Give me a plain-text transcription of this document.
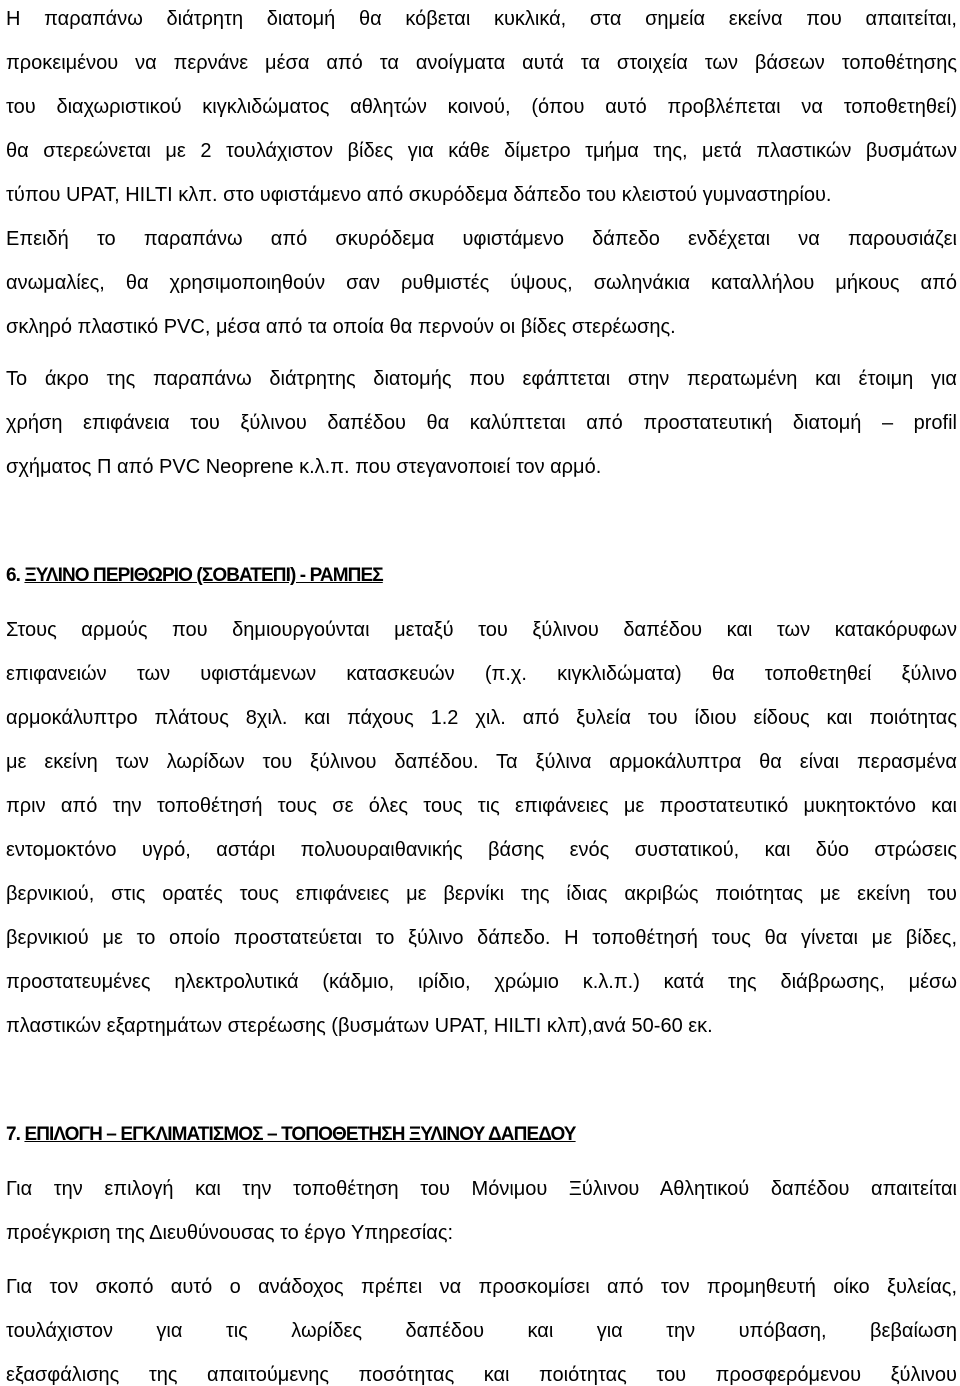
Η παραπάνω διάτρητη διατομή θα κόβεται κυκλικά, στα σημεία εκείνα που απαιτείται,
προκειμένου να περνάνε μέσα από τα ανοίγματα αυτά τα στοιχεία των βάσεων τοποθέτησης
του διαχωριστικού κιγκλιδώματος αθλητών κοινού, (όπου αυτό προβλέπεται να τοποθετηθεί)
θα στερεώνεται με 2 τουλάχιστον βίδες για κάθε δίμετρο τμήμα της, μετά πλαστικών βυσμάτων
τύπου UPAT, HILTI κλπ. στο υφιστάμενο από σκυρόδεμα δάπεδο του κλειστού γυμναστηρίου.
Επειδή το παραπάνω από σκυρόδεμα υφιστάμενο δάπεδο ενδέχεται να παρουσιάζει
ανωμαλίες, θα χρησιμοποιηθούν σαν ρυθμιστές ύψους, σωληνάκια καταλλήλου μήκους από
σκληρό πλαστικό PVC, μέσα από τα οποία θα περνούν οι βίδες στερέωσης.
Το άκρο της παραπάνω διάτρητης διατομής που εφάπτεται στην περατωμένη και έτοιμη για
χρήση επιφάνεια του ξύλινου δαπέδου θα καλύπτεται από προστατευτική διατομή – profil
σχήματος Π από PVC Neoprene κ.λ.π. που στεγανοποιεί τον αρμό.
6. ΞΥΛΙΝΟ ΠΕΡΙΘΩΡΙΟ (ΣΟΒΑΤΕΠΙ) - ΡΑΜΠΕΣ
Στους αρμούς που δημιουργούνται μεταξύ του ξύλινου δαπέδου και των κατακόρυφων
επιφανειών των υφιστάμενων κατασκευών (π.χ. κιγκλιδώματα) θα τοποθετηθεί ξύλινο
αρμοκάλυπτρο πλάτους 8χιλ. και πάχους 1.2 χιλ. από ξυλεία του ίδιου είδους και ποιότητας
με εκείνη των λωρίδων του ξύλινου δαπέδου. Τα ξύλινα αρμοκάλυπτρα θα είναι περασμένα
πριν από την τοποθέτησή τους σε όλες τους τις επιφάνειες με προστατευτικό μυκητοκτόνο και
εντομοκτόνο υγρό, αστάρι πολυουραιθανικής βάσης ενός συστατικού, και δύο στρώσεις
βερνικιού, στις ορατές τους επιφάνειες με βερνίκι της ίδιας ακριβώς ποιότητας με εκείνη του
βερνικιού με το οποίο προστατεύεται το ξύλινο δάπεδο. Η τοποθέτησή τους θα γίνεται με βίδες,
προστατευμένες ηλεκτρολυτικά (κάδμιο, ιρίδιο, χρώμιο κ.λ.π.) κατά της διάβρωσης, μέσω
πλαστικών εξαρτημάτων στερέωσης (βυσμάτων UPAT, HILTI κλπ),ανά 50-60 εκ.
7. ΕΠΙΛΟΓΗ – ΕΓΚΛΙΜΑΤΙΣΜΟΣ – ΤΟΠΟΘΕΤΗΣΗ ΞΥΛΙΝΟΥ ΔΑΠΕΔΟΥ
Για την επιλογή και την τοποθέτηση του Μόνιμου Ξύλινου Αθλητικού δαπέδου απαιτείται
προέγκριση της Διευθύνουσας το έργο Υπηρεσίας:
Για τον σκοπό αυτό ο ανάδοχος πρέπει να προσκομίσει από τον προμηθευτή οίκο ξυλείας,
τουλάχιστον για τις λωρίδες δαπέδου και για την υπόβαση, βεβαίωση
εξασφάλισης της απαιτούμενης ποσότητας και ποιότητας του προσφερόμενου ξύλινου
